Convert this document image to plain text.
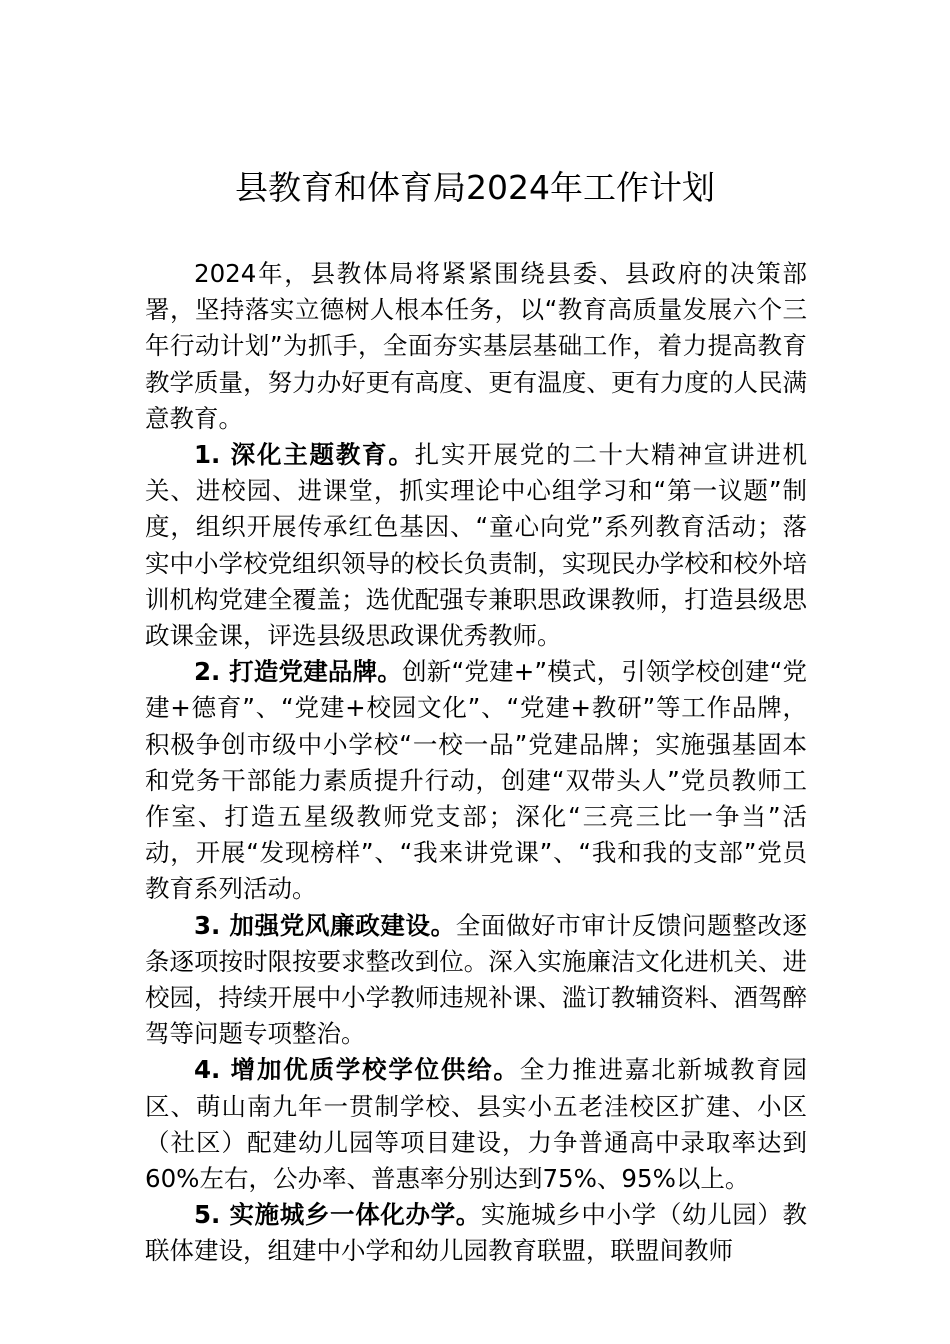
县教育和体育局2024年工作计划

2024年，县教体局将紧紧围绕县委、县政府的决策部署，坚持落实立德树人根本任务，以“教育高质量发展六个三年行动计划”为抓手，全面夯实基层基础工作，着力提高教育教学质量，努力办好更有高度、更有温度、更有力度的人民满意教育。

1. 深化主题教育。扎实开展党的二十大精神宣讲进机关、进校园、进课堂，抓实理论中心组学习和“第一议题”制度，组织开展传承红色基因、“童心向党”系列教育活动；落实中小学校党组织领导的校长负责制，实现民办学校和校外培训机构党建全覆盖；选优配强专兼职思政课教师，打造县级思政课金课，评选县级思政课优秀教师。

2. 打造党建品牌。创新“党建+”模式，引领学校创建“党建+德育”、“党建+校园文化”、“党建+教研”等工作品牌，积极争创市级中小学校“一校一品”党建品牌；实施强基固本和党务干部能力素质提升行动，创建“双带头人”党员教师工作室、打造五星级教师党支部；深化“三亮三比一争当”活动，开展“发现榜样”、“我来讲党课”、“我和我的支部”党员教育系列活动。

3. 加强党风廉政建设。全面做好市审计反馈问题整改逐条逐项按时限按要求整改到位。深入实施廉洁文化进机关、进校园，持续开展中小学教师违规补课、滥订教辅资料、酒驾醉驾等问题专项整治。

4. 增加优质学校学位供给。全力推进嘉北新城教育园区、萌山南九年一贯制学校、县实小五老洼校区扩建、小区（社区）配建幼儿园等项目建设，力争普通高中录取率达到60%左右，公办率、普惠率分别达到75%、95%以上。

5. 实施城乡一体化办学。实施城乡中小学（幼儿园）教联体建设，组建中小学和幼儿园教育联盟，联盟间教师
